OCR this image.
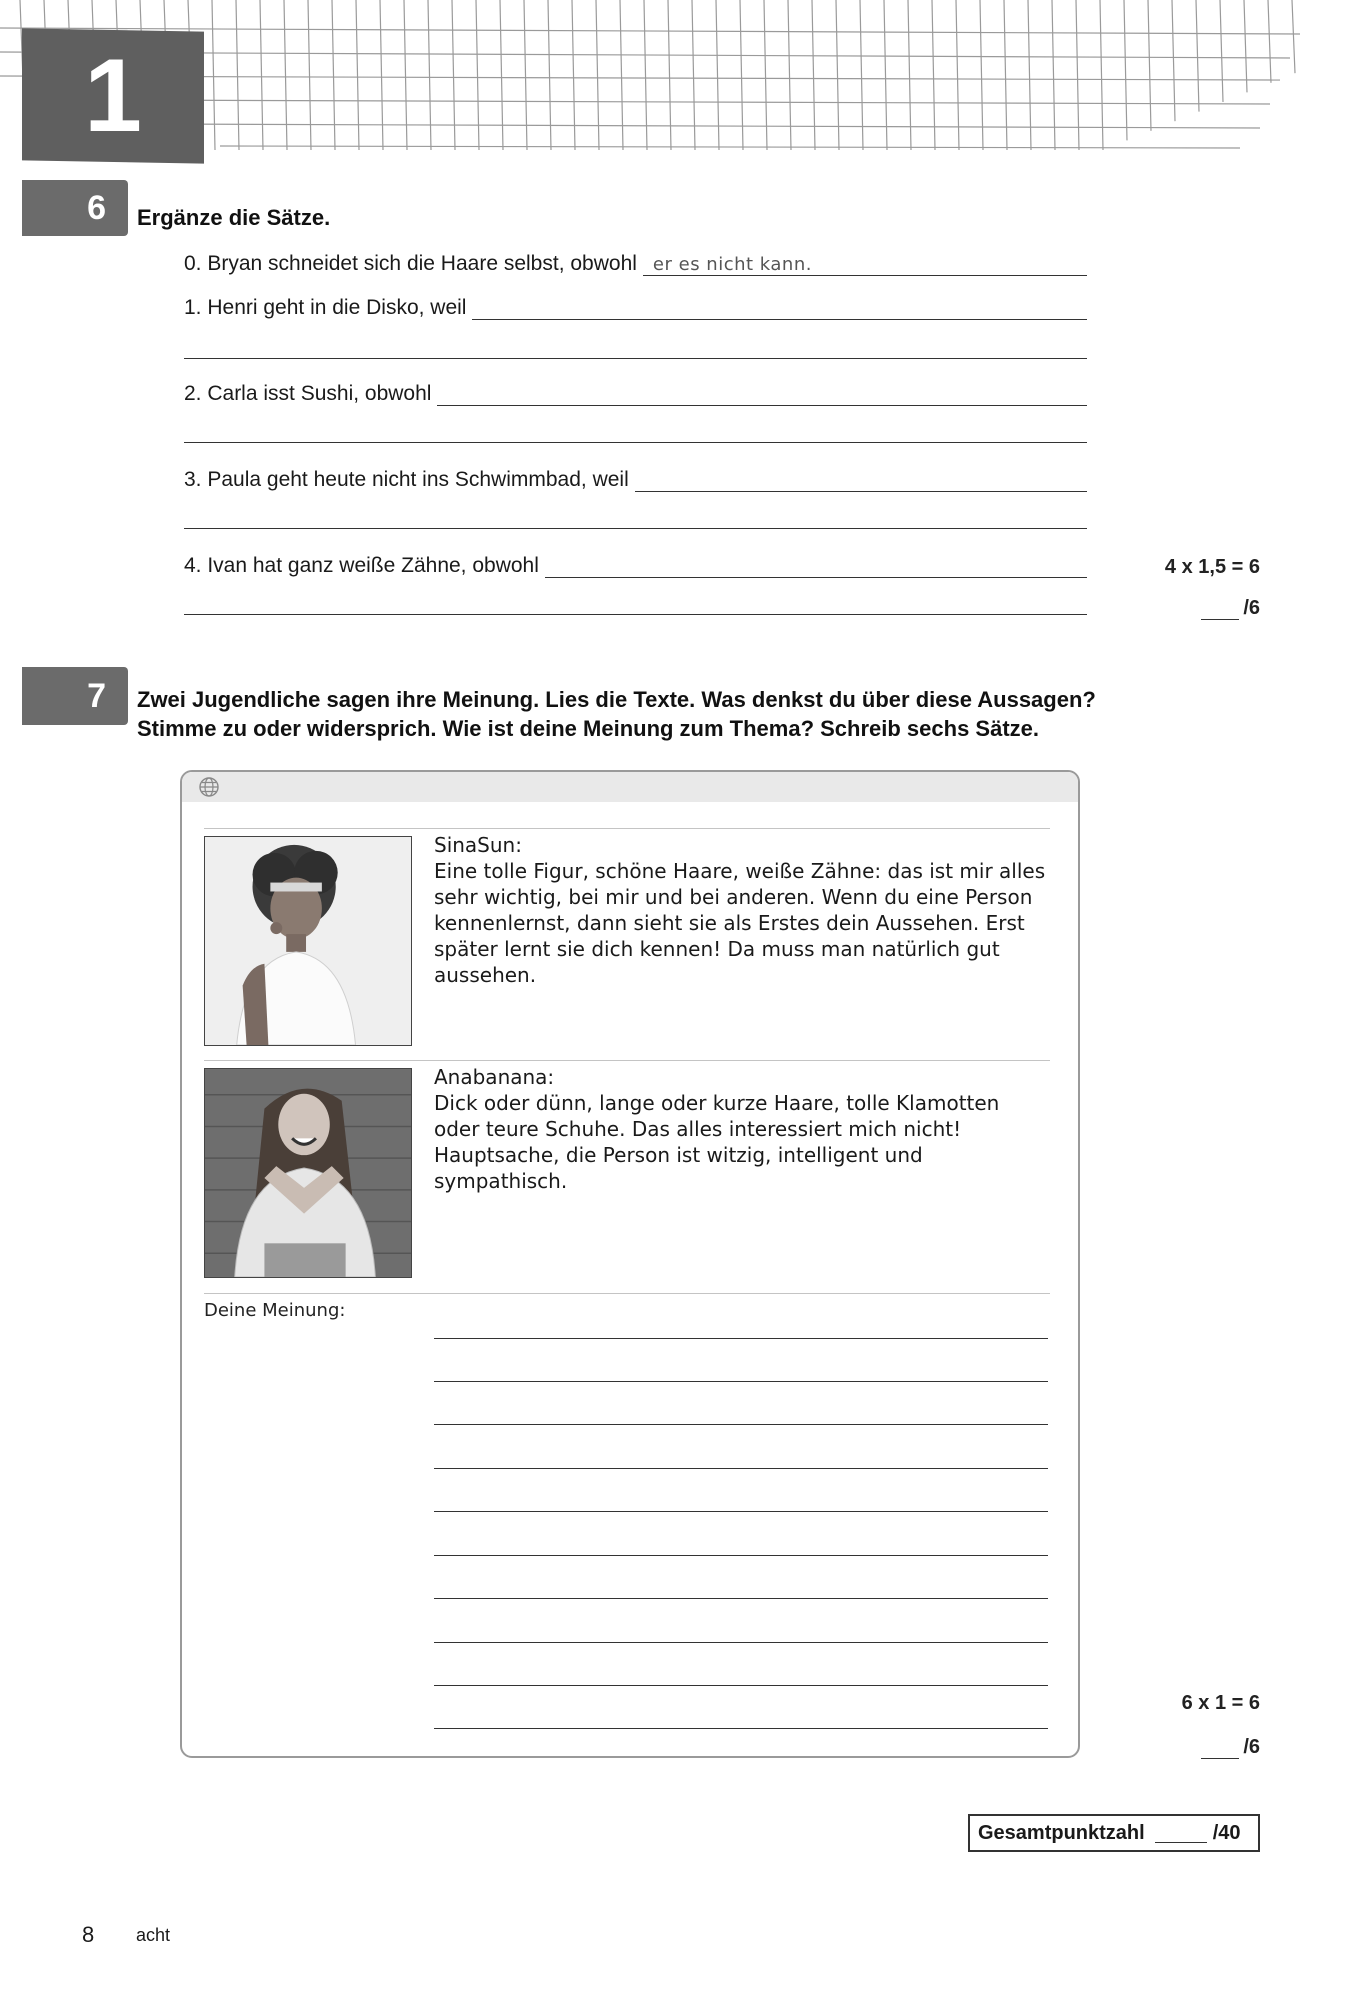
1
6	Ergänze die Sätze.
0. Bryan schneidet sich die Haare selbst, obwohl er es nicht kann.
1. Henri geht in die Disko, weil
2. Carla isst Sushi, obwohl
3. Paula geht heute nicht ins Schwimmbad, weil
4. Ivan hat ganz weiße Zähne, obwohl	4 x 1,5 = 6
/6
7	Zwei Jugendliche sagen ihre Meinung. Lies die Texte. Was denkst du über diese Aussagen?
Stimme zu oder widersprich. Wie ist deine Meinung zum Thema? Schreib sechs Sätze.
SinaSun:
Eine tolle Figur, schöne Haare, weiße Zähne: das ist mir alles sehr wichtig, bei mir und bei anderen. Wenn du eine Person kennenlernst, dann sieht sie als Erstes dein Aussehen. Erst später lernt sie dich kennen! Da muss man natürlich gut aussehen.
Anabanana:
Dick oder dünn, lange oder kurze Haare, tolle Klamotten oder teure Schuhe. Das alles interessiert mich nicht! Hauptsache, die Person ist witzig, intelligent und sympathisch.
Deine Meinung:
6 x 1 = 6
/6
Gesamtpunktzahl	/40
8 acht
